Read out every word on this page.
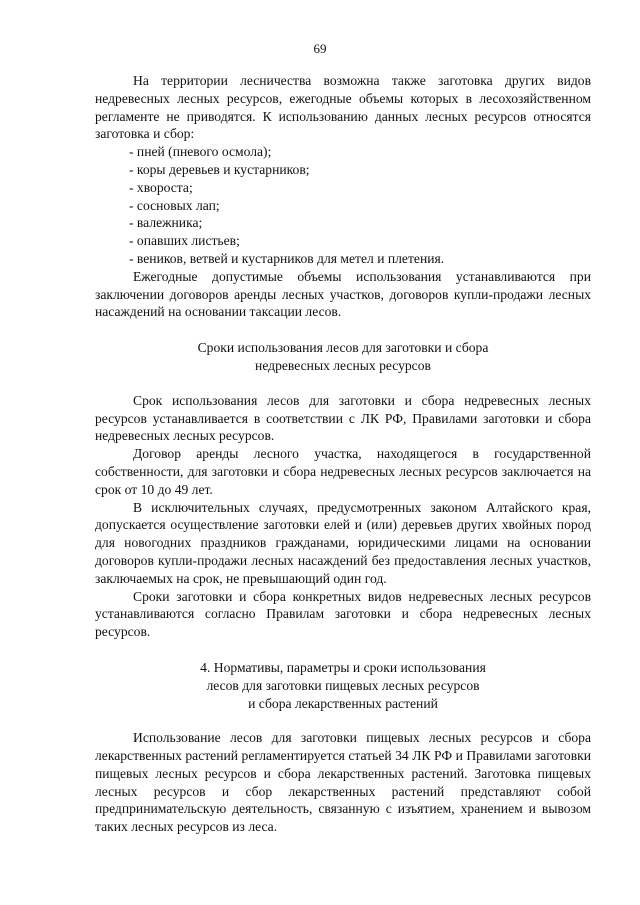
69

На территории лесничества возможна также заготовка других видов недревесных лесных ресурсов, ежегодные объемы которых в лесохозяйственном регламенте не приводятся. К использованию данных лесных ресурсов относятся заготовка и сбор:

- пней (пневого осмола);
- коры деревьев и кустарников;
- хвороста;
- сосновых лап;
- валежника;
- опавших листьев;
- веников, ветвей и кустарников для метел и плетения.

Ежегодные допустимые объемы использования устанавливаются при заключении договоров аренды лесных участков, договоров купли-продажи лесных насаждений на основании таксации лесов.

Сроки использования лесов для заготовки и сбора

недревесных лесных ресурсов

Срок использования лесов для заготовки и сбора недревесных лесных ресурсов устанавливается в соответствии с ЛК РФ, Правилами заготовки и сбора недревесных лесных ресурсов.

Договор аренды лесного участка, находящегося в государственной собственности, для заготовки и сбора недревесных лесных ресурсов заключается на срок от 10 до 49 лет.

В исключительных случаях, предусмотренных законом Алтайского края, допускается осуществление заготовки елей и (или) деревьев других хвойных пород для новогодних праздников гражданами, юридическими лицами на основании договоров купли-продажи лесных насаждений без предоставления лесных участков, заключаемых на срок, не превышающий один год.

Сроки заготовки и сбора конкретных видов недревесных лесных ресурсов устанавливаются согласно Правилам заготовки и сбора недревесных лесных ресурсов.

4. Нормативы, параметры и сроки использования

лесов для заготовки пищевых лесных ресурсов

и сбора лекарственных растений

Использование лесов для заготовки пищевых лесных ресурсов и сбора лекарственных растений регламентируется статьей 34 ЛК РФ и Правилами заготовки пищевых лесных ресурсов и сбора лекарственных растений. Заготовка пищевых лесных ресурсов и сбор лекарственных растений представляют собой предпринимательскую деятельность, связанную с изъятием, хранением и вывозом таких лесных ресурсов из леса.
